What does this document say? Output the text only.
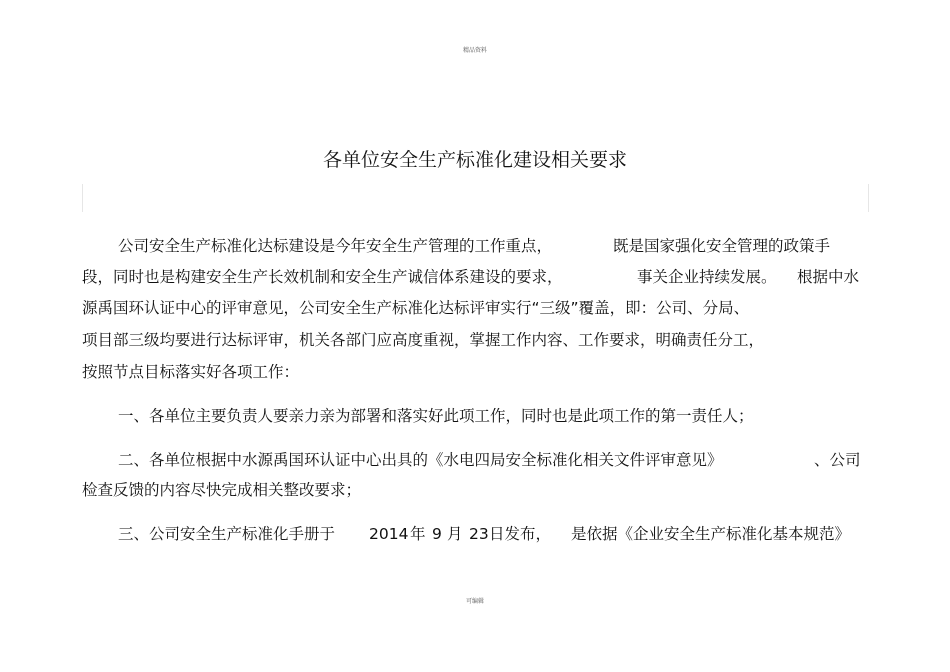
精品资料
各单位安全生产标准化建设相关要求
公司安全生产标准化达标建设是今年安全生产管理的工作重点，	既是国家强化安全管理的政策手
段，同时也是构建安全生产长效机制和安全生产诚信体系建设的要求，	事关企业持续发展。 根据中水
源禹国环认证中心的评审意见，公司安全生产标准化达标评审实行“三级”覆盖，即：公司、分局、
项目部三级均要进行达标评审，机关各部门应高度重视，掌握工作内容、工作要求，明确责任分工，
按照节点目标落实好各项工作：
一、各单位主要负责人要亲力亲为部署和落实好此项工作，同时也是此项工作的第一责任人；
二、各单位根据中水源禹国环认证中心出具的《水电四局安全标准化相关文件评审意见》	、公司
检查反馈的内容尽快完成相关整改要求；
三、公司安全生产标准化手册于 2014 年 9 月 23 日发布， 是依据《企业安全生产标准化基本规范》
可编辑
